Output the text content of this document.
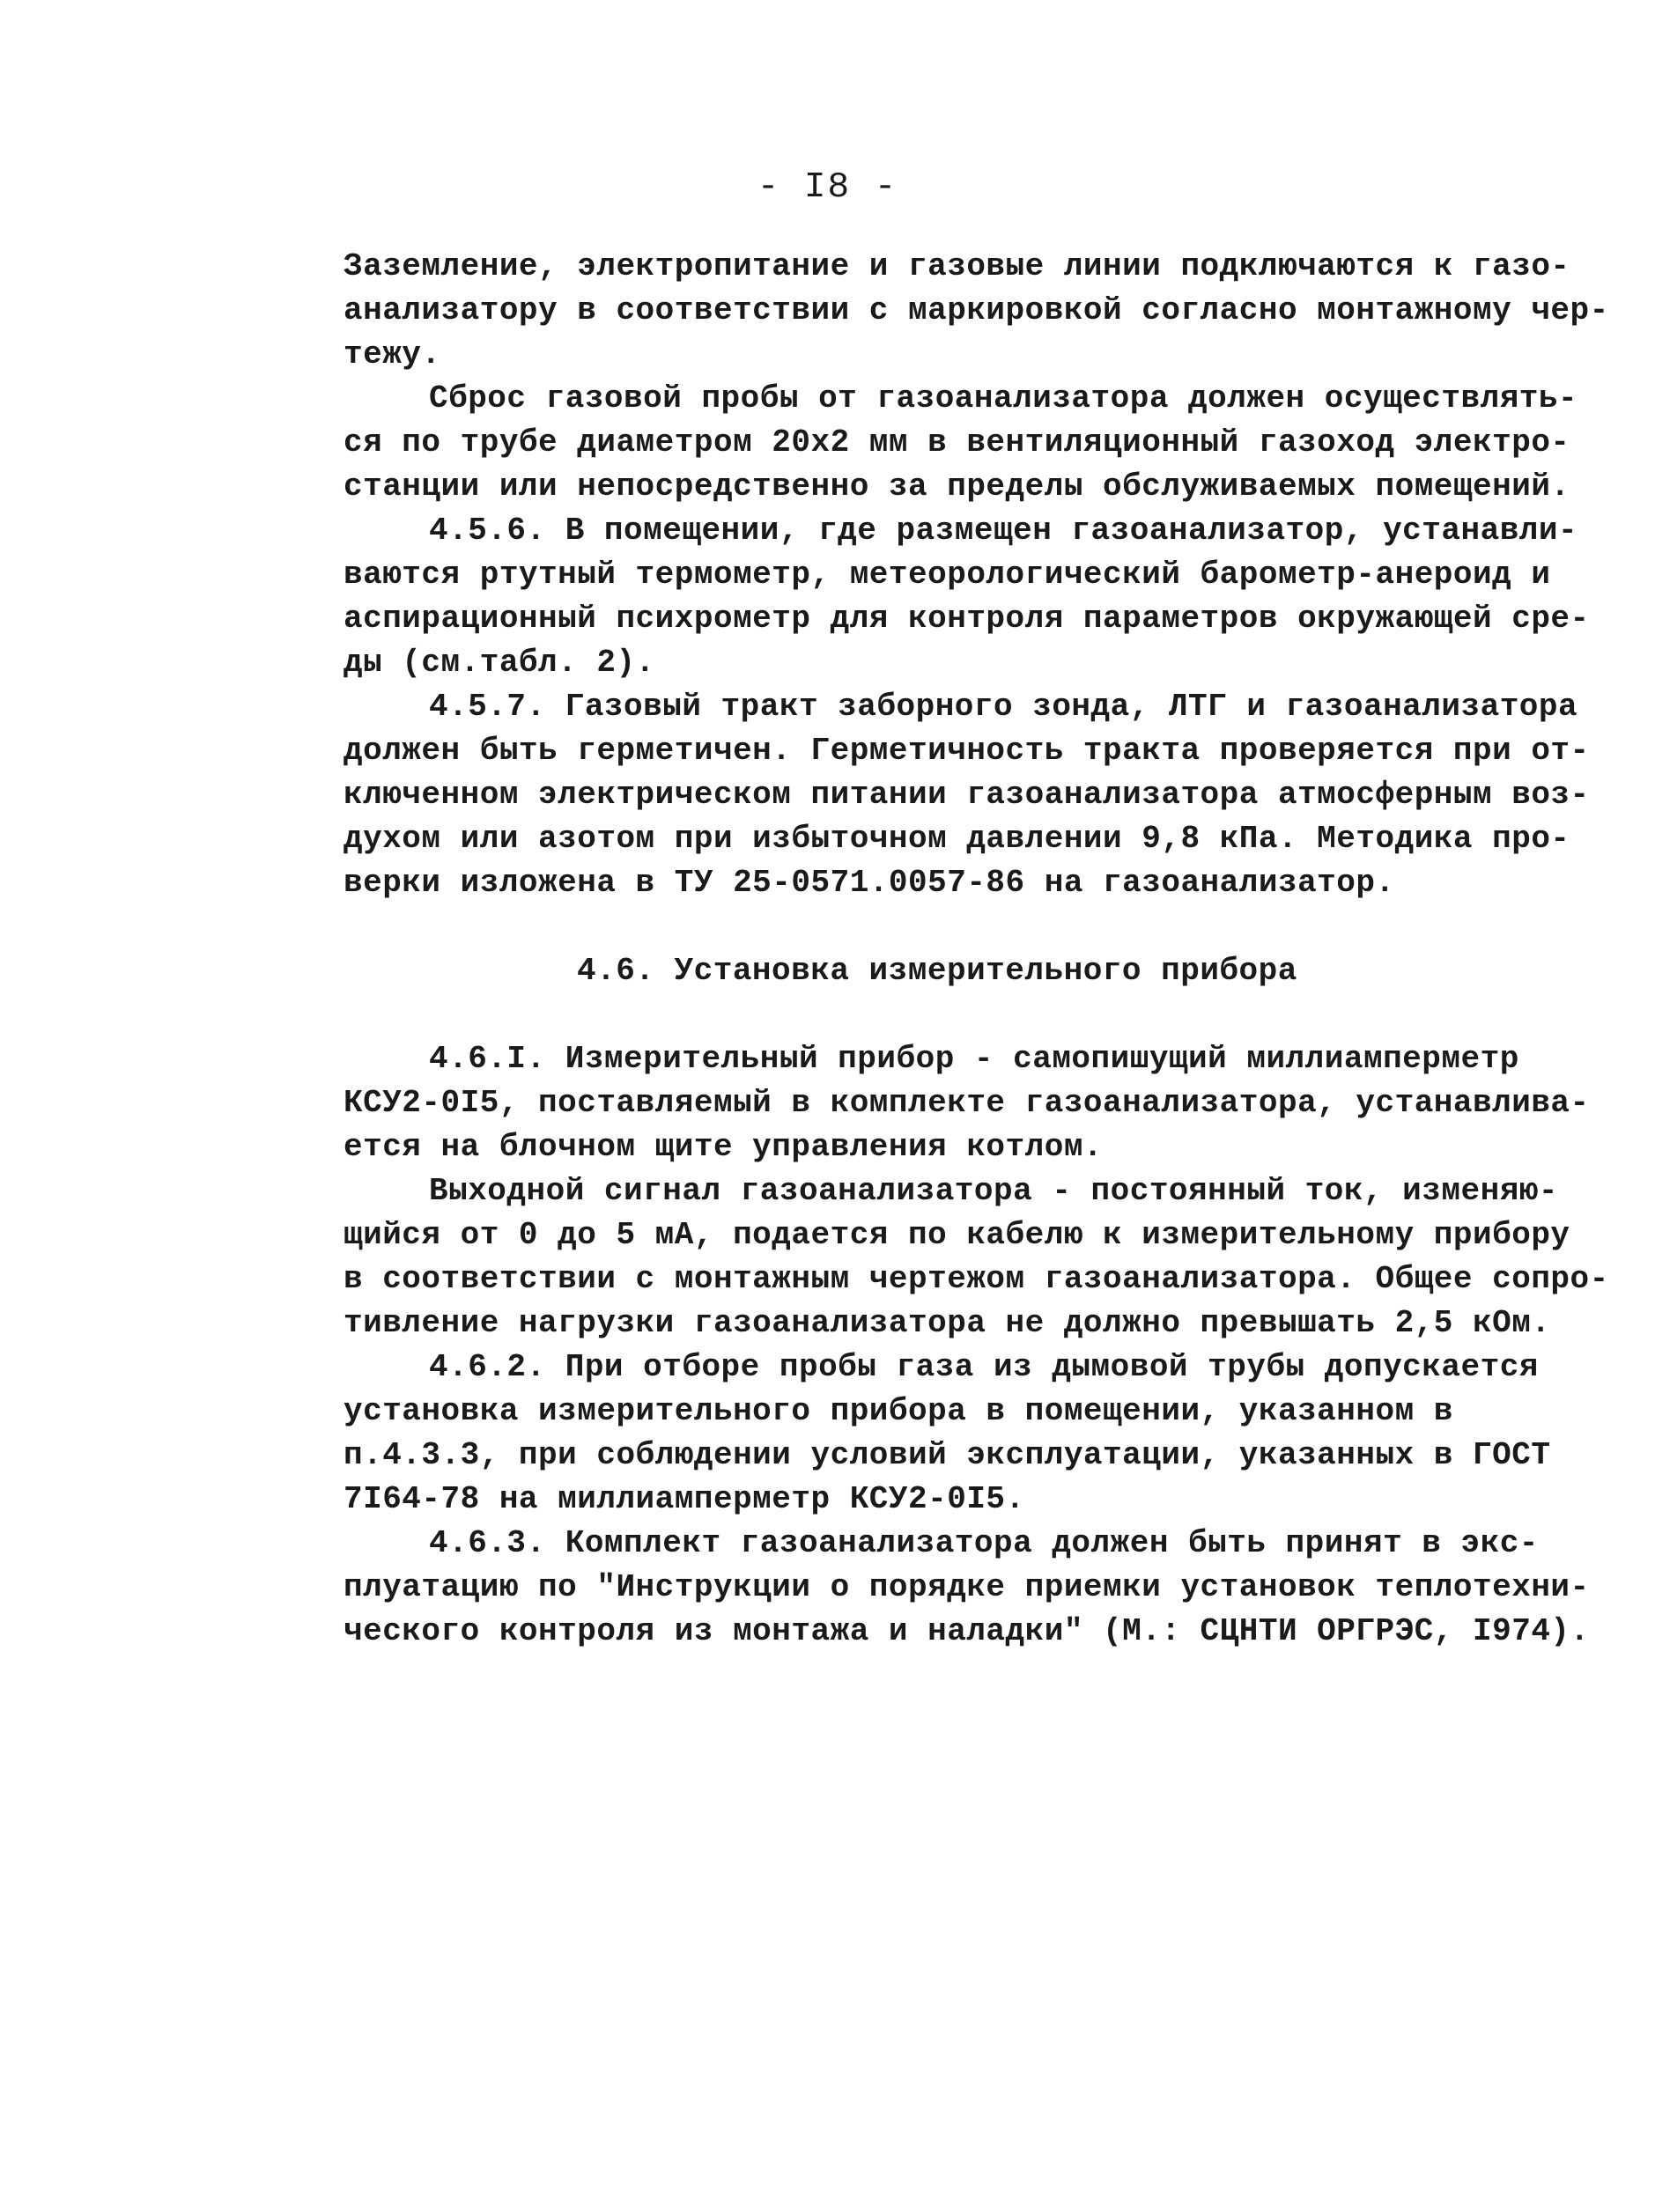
- I8 -
Заземление, электропитание и газовые линии подключаются к газо-
анализатору в соответствии с маркировкой согласно монтажному чер-
тежу.
Сброс газовой пробы от газоанализатора должен осуществлять-
ся по трубе диаметром 20х2 мм в вентиляционный газоход электро-
станции или непосредственно за пределы обслуживаемых помещений.
4.5.6. В помещении, где размещен газоанализатор, устанавли-
ваются ртутный термометр, метеорологический барометр-анероид и
аспирационный психрометр для контроля параметров окружающей сре-
ды (см.табл. 2).
4.5.7. Газовый тракт заборного зонда, ЛТГ и газоанализатора
должен быть герметичен. Герметичность тракта проверяется при от-
ключенном электрическом питании газоанализатора атмосферным воз-
духом или азотом при избыточном давлении 9,8 кПа. Методика про-
верки изложена в ТУ 25-0571.0057-86 на газоанализатор.
4.6. Установка измерительного прибора
4.6.I. Измерительный прибор - самопишущий миллиамперметр
КСУ2-0I5, поставляемый в комплекте газоанализатора, устанавлива-
ется на блочном щите управления котлом.
Выходной сигнал газоанализатора - постоянный ток, изменяю-
щийся от 0 до 5 мА, подается по кабелю к измерительному прибору
в соответствии с монтажным чертежом газоанализатора. Общее сопро-
тивление нагрузки газоанализатора не должно превышать 2,5 кОм.
4.6.2. При отборе пробы газа из дымовой трубы допускается
установка измерительного прибора в помещении, указанном в
п.4.3.3, при соблюдении условий эксплуатации, указанных в ГОСТ
7I64-78 на миллиамперметр КСУ2-0I5.
4.6.3. Комплект газоанализатора должен быть принят в экс-
плуатацию по "Инструкции о порядке приемки установок теплотехни-
ческого контроля из монтажа и наладки" (М.: СЦНТИ ОРГРЭС, I974).
